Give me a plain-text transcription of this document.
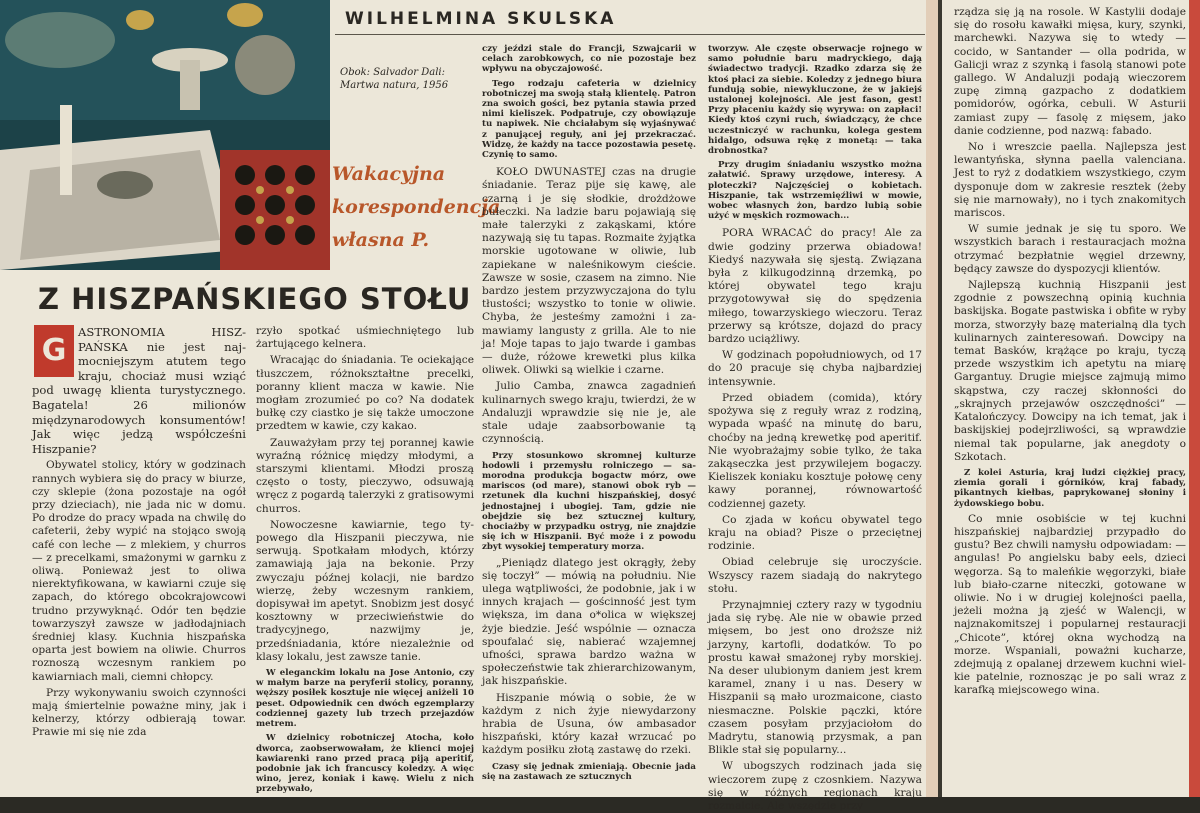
WILHELMINA SKULSKA
Obok: Salvador Dali:
Martwa natura, 1956
Wakacyjna
korespondencja
własna P.
Z HISZPAŃSKIEGO STOŁU
G

ASTRONOMIA HISZPAŃSKA nie jest najmocniejszym atutem tego kraju, chociaż musi wziąć pod uwagę klienta turystycznego. Bagatela! 26 milionów międzynarodowych konsumentów! Jak więc jedzą współcześni Hiszpanie?

Obywatel stolicy, który w godzinach rannych wybiera się do pracy w biurze, czy sklepie (żona pozostaje na ogół przy dzieciach), nie jada nic w domu. Po drodze do pracy wpada na chwilę do cafeterii, żeby wypić na stojąco swoją café con leche — z mlekiem, y churros — z precelkami, smażonymi w garnku z oliwą. Ponieważ jest to oliwa nierektyfikowana, w kawiarni czuje się zapach, do którego obcokrajowcowi trudno przywyknąć. Odór ten będzie towarzyszył zawsze w jadłodajniach średniej klasy. Kuchnia hiszpańska oparta jest bowiem na oliwie. Churros roznoszą wczesnym rankiem po kawiarniach mali, ciemni chłopcy.

Przy wykonywaniu swoich czynności mają śmiertelnie poważne miny, jak i kelnerzy, którzy odbierają towar. Prawie mi się nie zda

rzyło spotkać uśmiechniętego lub żartującego kelnera.

Wracając do śniadania. Te ociekające tłuszczem, różnokształtne precelki, poranny klient macza w kawie. Nie mogłam zrozumieć po co? Na dodatek bułkę czy ciastko je się także umoczone przedtem w kawie, czy kakao.

Zauważyłam przy tej porannej kawie wyraźną różnicę między młodymi, a starszymi klientami. Młodzi proszą często o tosty, pieczywo, odsuwają wręcz z pogardą talerzyki z gratisowymi churros.

Nowoczesne kawiarnie, tego typowego dla Hiszpanii pieczywa, nie serwują. Spotkałam młodych, którzy zamawiają jaja na bekonie. Przy zwyczaju późnej kolacji, nie bardzo wierzę, żeby wczesnym rankiem, dopisywał im apetyt. Snobizm jest dosyć kosztowny w przeciwieństwie do tradycyjnego, nazwijmy je, przedśniadania, które niezależnie od klasy lokalu, jest zawsze tanie.

W eleganckim lokalu na Jose Antonio, czy w małym barze na peryferii stolicy, poranny, węższy posiłek kosztuje nie więcej aniżeli 10 peset. Odpowiednik cen dwóch egzemplarzy codziennej gazety lub trzech przejazdów metrem.

W dzielnicy robotniczej Atocha, koło dworca, zaobserwowałam, że klienci mojej kawiarenki rano przed pracą piją aperitif, podobnie jak ich francuscy koledzy. A więc wino, jerez, koniak i kawę. Wielu z nich przebywało,

czy jeździ stale do Francji, Szwajcarii w celach zarobkowych, co nie pozostaje bez wpływu na obyczajowość.

Tego rodzaju cafeteria w dzielnicy robotniczej ma swoją stałą klientelę. Patron zna swoich gości, bez pytania stawia przed nimi kieliszek. Podpatruje, czy obowiązuje tu napiwek. Nie chciałabym się wyjaśnywać z panującej reguły, ani jej przekraczać. Widzę, że każdy na tacce pozostawia pesetę. Czynię to samo.

KOŁO DWUNASTEJ czas na drugie śniadanie. Teraz pije się kawę, ale czarną i je się słodkie, drożdżowe bułeczki. Na ladzie baru pojawiają się małe talerzyki z zakąskami, które nazywają się tu tapas. Rozmaite żyjątka morskie ugotowane w oliwie, lub zapiekane w naleśnikowym cieście. Zawsze w sosie, czasem na zimno. Nie bardzo jestem przyzwyczajona do tylu tłustości; wszystko to tonie w oliwie. Chyba, że jesteśmy zamożni i zamawiamy langusty z grilla. Ale to nie ja! Moje tapas to jajo twarde i gambas — duże, różowe krewetki plus kilka oliwek. Oliwki są wielkie i czarne.

Julio Camba, znawca zagadnień kulinarnych swego kraju, twierdzi, że w Andaluzji wprawdzie się nie je, ale stale udaje zaabsorbowanie tą czynnością.

Przy stosunkowo skromnej kulturze hodowli i przemysłu rolniczego — samorodna produkcja bogactw mórz, owe mariscos (od mare), stanowi obok ryb — rzetunek dla kuchni hiszpańskiej, dosyć jednostajnej i ubogiej. Tam, gdzie nie obejdzie się bez sztucznej kultury, chociażby w przypadku ostryg, nie znajdzie się ich w Hiszpanii. Być może i z powodu zbyt wysokiej temperatury morza.

„Pieniądz dlatego jest okrągły, żeby się toczył” — mówią na południu. Nie ulega wątpliwości, że podobnie, jak i w innych krajach — gościnność jest tym większa, im dana o*olica w większej żyje biedzie. Jeść wspólnie — oznacza spoufalać się, nabierać wzajemnej ufności, sprawa bardzo ważna w społeczeństwie tak zhierarchizowanym, jak hiszpańskie.

Hiszpanie mówią o sobie, że w każdym z nich żyje niewydarzony hrabia de Usuna, ów ambasador hiszpański, który kazał wrzucać po każdym posiłku złotą zastawę do rzeki.

Czasy się jednak zmieniają. Obecnie jada się na zastawach ze sztucznych

tworzyw. Ale częste obserwacje rojnego w samo południe baru madryckiego, dają świadectwo tradycji. Rzadko zdarza się że ktoś płaci za siebie. Koledzy z jednego biura fundują sobie, niewykluczone, że w jakiejś ustalonej kolejności. Ale jest fason, gest! Przy płaceniu każdy się wyrywa: on zapłaci! Kiedy ktoś czyni ruch, świadczący, że chce uczestniczyć w rachunku, kolega gestem hidalgo, odsuwa rękę z monetą: — taka drobnostka?

Przy drugim śniadaniu wszystko można załatwić. Sprawy urzędowe, interesy. A ploteczki? Najczęściej o kobietach. Hiszpanie, tak wstrzemięźliwi w mowie, wobec własnych żon, bardzo lubią sobie użyć w męskich rozmowach...

PORA WRACAĆ do pracy! Ale za dwie godziny przerwa obiadowa! Kiedyś nazywała się sjestą. Związana była z kilkugodzinną drzemką, po której obywatel tego kraju przygotowywał się do spędzenia miłego, towarzyskiego wieczoru. Teraz przerwy są krótsze, dojazd do pracy bardzo uciążliwy.

W godzinach popołudniowych, od 17 do 20 pracuje się chyba najbardziej intensywnie.

Przed obiadem (comida), który spożywa się z reguły wraz z rodziną, wypada wpaść na minutę do baru, choćby na jedną krewetkę pod aperitif. Nie wyobrażajmy sobie tylko, że taka zakąseczka jest przywilejem bogaczy. Kieliszek koniaku kosztuje połowę ceny kawy porannej, równowartość codziennej gazety.

Co zjada w końcu obywatel tego kraju na obiad? Pisze o przeciętnej rodzinie.

Obiad celebruje się uroczyście. Wszyscy razem siadają do nakrytego stołu.

Przynajmniej cztery razy w tygodniu jada się rybę. Ale nie w obawie przed mięsem, bo jest ono droższe niż jarzyny, kartofli, dodatków. To po prostu kawał smażonej ryby morskiej. Na deser ulubionym daniem jest krem karamel, znany i u nas. Desery w Hiszpanii są mało urozmaicone, ciasto niesmaczne. Polskie pączki, które czasem posyłam przyjaciołom do Madrytu, stanowią przysmak, a pan Blikle stał się popularny...

W ubogszych rodzinach jada się wieczorem zupę z czosnkiem. Nazywa się w różnych regionach kraju rozmaicie. Ale wszędzie przy

rządza się ją na rosole. W Kastylii dodaje się do rosołu kawałki mięsa, kury, szynki, marchewki. Nazywa się to wtedy — cocido, w Santander — olla podrida, w Galicji wraz z szynką i fasolą stanowi pote gallego. W Andaluzji podają wieczorem zupę zimną gazpacho z dodatkiem pomidorów, ogórka, cebuli. W Asturii zamiast zupy — fasolę z mięsem, jako danie codzienne, pod nazwą: fabado.

No i wreszcie paella. Najlepsza jest lewantyńska, słynna paella valenciana. Jest to ryż z dodatkiem wszystkiego, czym dysponuje dom w zakresie resztek (żeby się nie marnowały), no i tych znakomitych mariscos.

W sumie jednak je się tu sporo. We wszystkich barach i restauracjach można otrzymać bezpłatnie węgiel drzewny, będący zawsze do dyspozycji klientów.

Najlepszą kuchnią Hiszpanii jest zgodnie z powszechną opinią kuchnia baskijska. Bogate pastwiska i obfite w ryby morza, stworzyły bazę materialną dla tych kulinarnych zainteresowań. Dowcipy na temat Basków, krążące po kraju, tyczą przede wszystkim ich apetytu na miarę Gargantuy. Drugie miejsce zajmują mimo skąpstwa, czy raczej skłonności do „skrajnych przejawów oszczędności” — Katalończycy. Dowcipy na ich temat, jak i baskijskiej podejrzliwości, są wprawdzie niemal tak popularne, jak anegdoty o Szkotach.

Z kolei Asturia, kraj ludzi ciężkiej pracy, ziemia gorali i górników, kraj fabady, pikantnych kiełbas, paprykowanej słoniny i żydowskiego bobu.

Co mnie osobiście w tej kuchni hiszpańskiej najbardziej przypadło do gustu? Bez chwili namysłu odpowiadam: — angulas! Po angielsku baby eels, dzieci węgorza. Są to maleńkie węgorzyki, białe lub biało-czarne niteczki, gotowane w oliwie. No i w drugiej kolejności paella, jeżeli można ją zjeść w Walencji, w najznakomitszej i popularnej restauracji „Chicote”, której okna wychodzą na morze. Wspaniali, poważni kucharze, zdejmują z opalanej drzewem kuchni wielkie patelnie, roznosząc je po sali wraz z karafką miejscowego wina.
